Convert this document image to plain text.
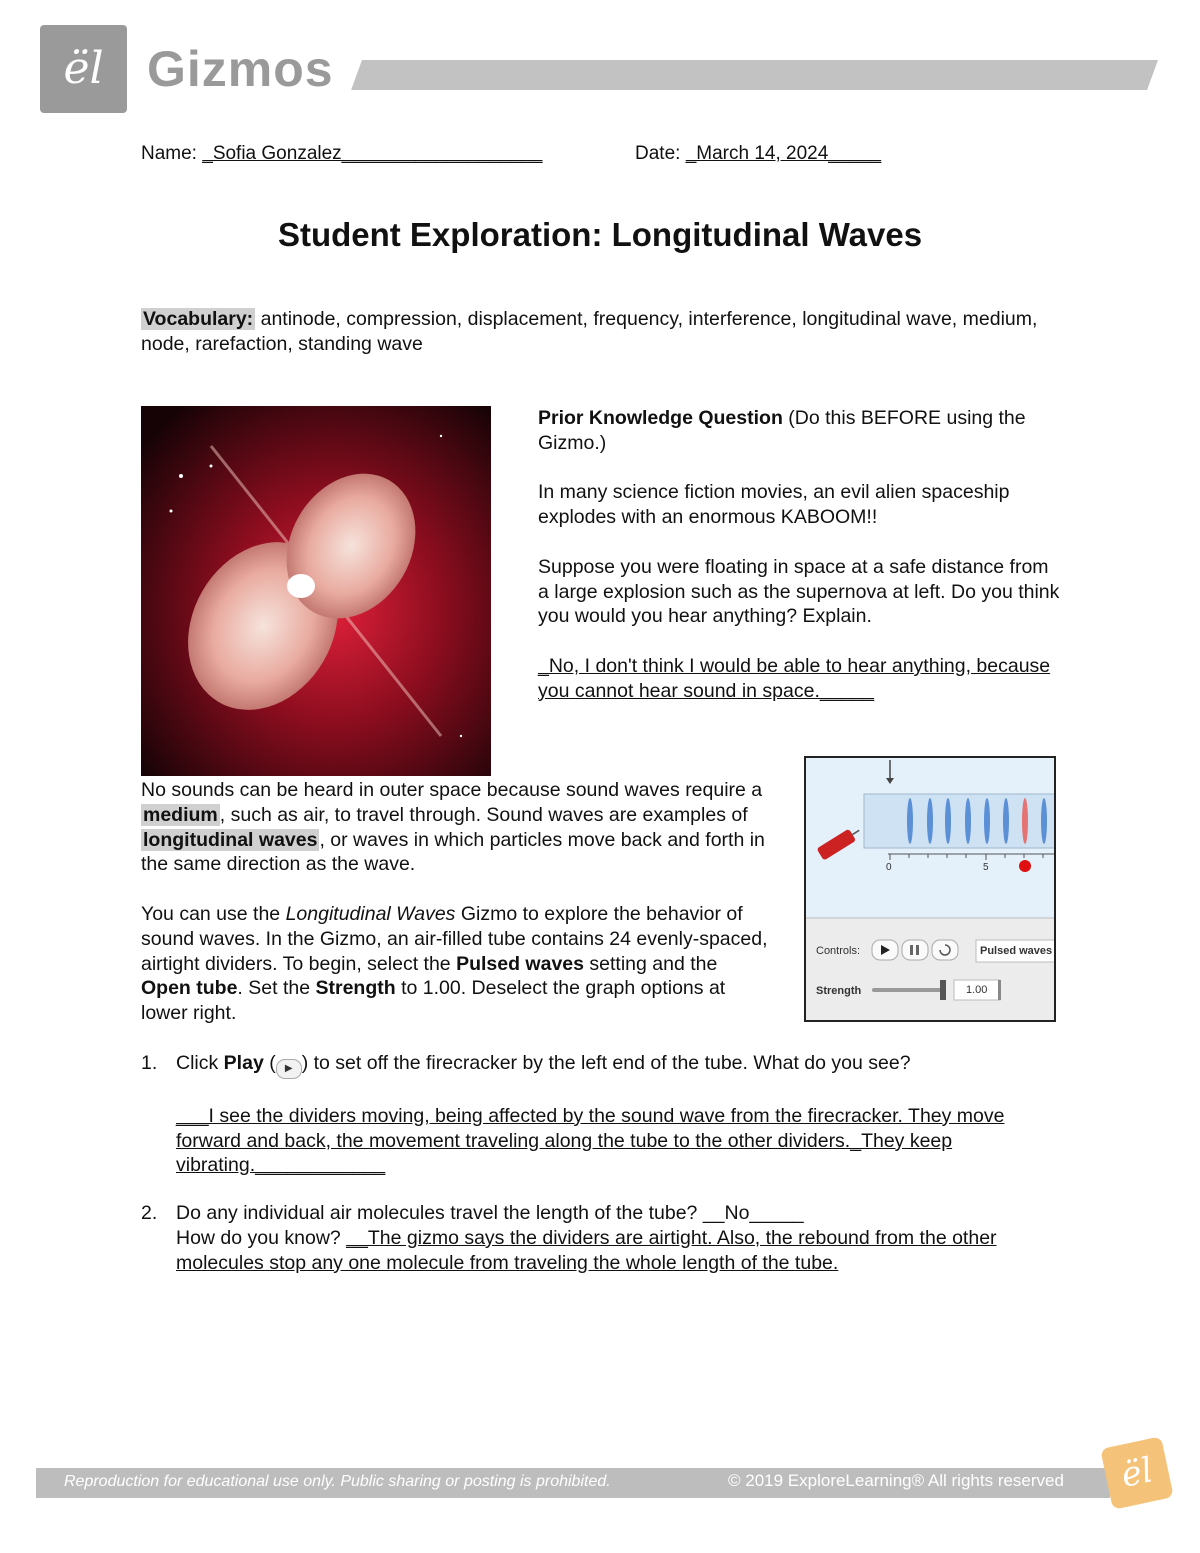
ël Gizmos
Name: _Sofia Gonzalez___________________	Date: _March 14, 2024_____
Student Exploration: Longitudinal Waves
Vocabulary: antinode, compression, displacement, frequency, interference, longitudinal wave, medium, node, rarefaction, standing wave

Prior Knowledge Question (Do this BEFORE using the Gizmo.)

In many science fiction movies, an evil alien spaceship explodes with an enormous KABOOM!!

Suppose you were floating in space at a safe distance from a large explosion such as the supernova at left. Do you think you would you hear anything? Explain.

_No, I don't think I would be able to hear anything, because you cannot hear sound in space._____

No sounds can be heard in outer space because sound waves require a medium , such as air, to travel through. Sound waves are examples of longitudinal waves , or waves in which particles move back and forth in the same direction as the wave.
You can use the Longitudinal Waves Gizmo to explore the behavior of sound waves. In the Gizmo, an air-filled tube contains 24 evenly-spaced, airtight dividers. To begin, select the Pulsed waves setting and the Open tube. Set the Strength to 1.00. Deselect the graph options at lower right.
0	5
Controls:	Pulsed waves
Strength	1.00
1. Click Play ( ▶ ) to set off the firecracker by the left end of the tube. What do you see?

___I see the dividers moving, being affected by the sound wave from the firecracker. They move forward and back, the movement traveling along the tube to the other dividers._They keep vibrating.____________

2. Do any individual air molecules travel the length of the tube? __No_____

How do you know? __The gizmo says the dividers are airtight. Also, the rebound from the other molecules stop any one molecule from traveling the whole length of the tube.

Reproduction for educational use only. Public sharing or posting is prohibited.	© 2019 ExploreLearning® All rights reserved	ël
